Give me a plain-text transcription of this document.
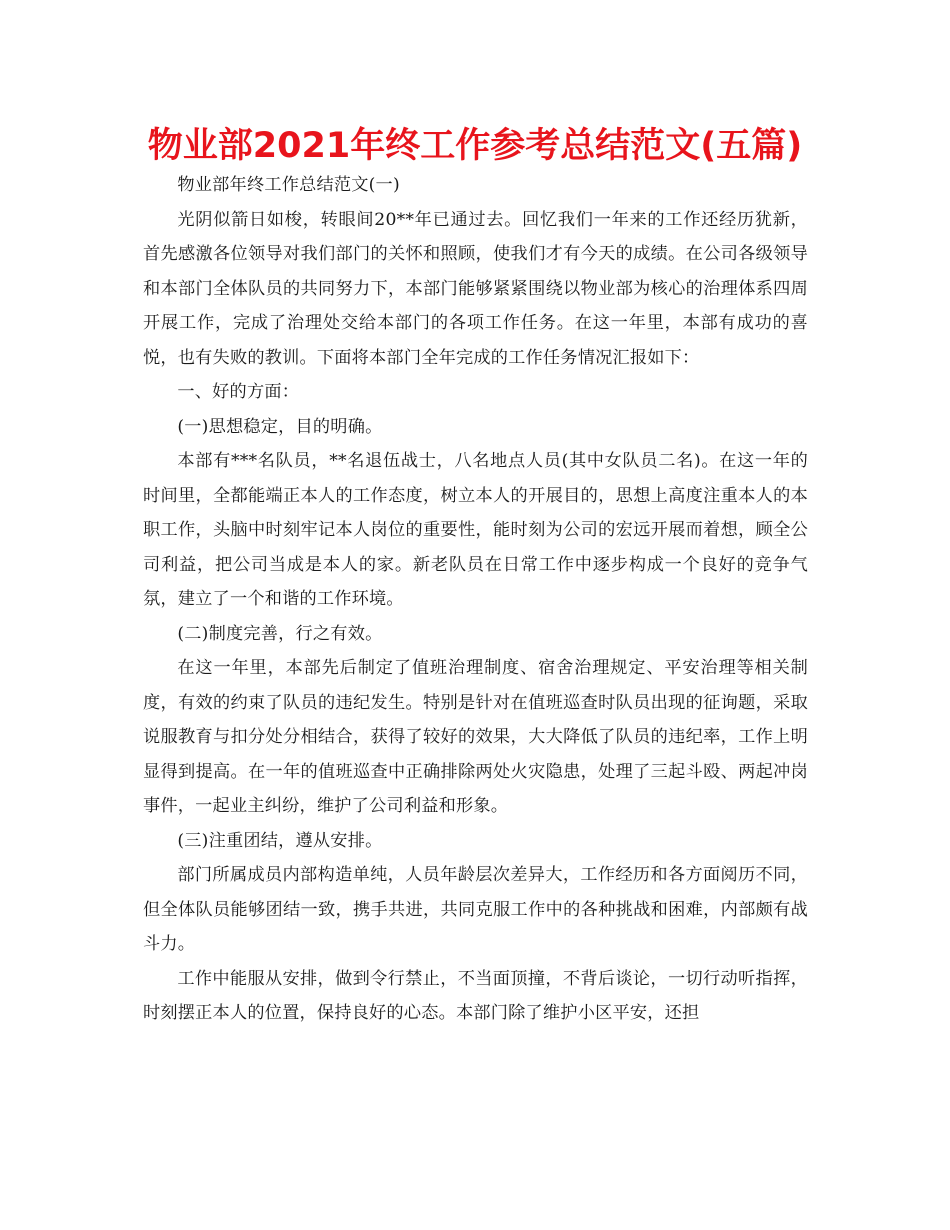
物业部2021年终工作参考总结范文(五篇)

物业部年终工作总结范文(一)

光阴似箭日如梭，转眼间20**年已通过去。回忆我们一年来的工作还经历犹新，首先感激各位领导对我们部门的关怀和照顾，使我们才有今天的成绩。在公司各级领导和本部门全体队员的共同努力下，本部门能够紧紧围绕以物业部为核心的治理体系四周开展工作，完成了治理处交给本部门的各项工作任务。在这一年里，本部有成功的喜悦，也有失败的教训。下面将本部门全年完成的工作任务情况汇报如下：

一、好的方面：

(一)思想稳定，目的明确。

本部有***名队员，**名退伍战士，八名地点人员(其中女队员二名)。在这一年的时间里，全都能端正本人的工作态度，树立本人的开展目的，思想上高度注重本人的本职工作，头脑中时刻牢记本人岗位的重要性，能时刻为公司的宏远开展而着想，顾全公司利益，把公司当成是本人的家。新老队员在日常工作中逐步构成一个良好的竞争气氛，建立了一个和谐的工作环境。

(二)制度完善，行之有效。

在这一年里，本部先后制定了值班治理制度、宿舍治理规定、平安治理等相关制度，有效的约束了队员的违纪发生。特别是针对在值班巡查时队员出现的征询题，采取说服教育与扣分处分相结合，获得了较好的效果，大大降低了队员的违纪率，工作上明显得到提高。在一年的值班巡查中正确排除两处火灾隐患，处理了三起斗殴、两起冲岗事件，一起业主纠纷，维护了公司利益和形象。

(三)注重团结，遵从安排。

部门所属成员内部构造单纯，人员年龄层次差异大，工作经历和各方面阅历不同，但全体队员能够团结一致，携手共进，共同克服工作中的各种挑战和困难，内部颇有战斗力。

工作中能服从安排，做到令行禁止，不当面顶撞，不背后谈论，一切行动听指挥，时刻摆正本人的位置，保持良好的心态。本部门除了维护小区平安，还担
